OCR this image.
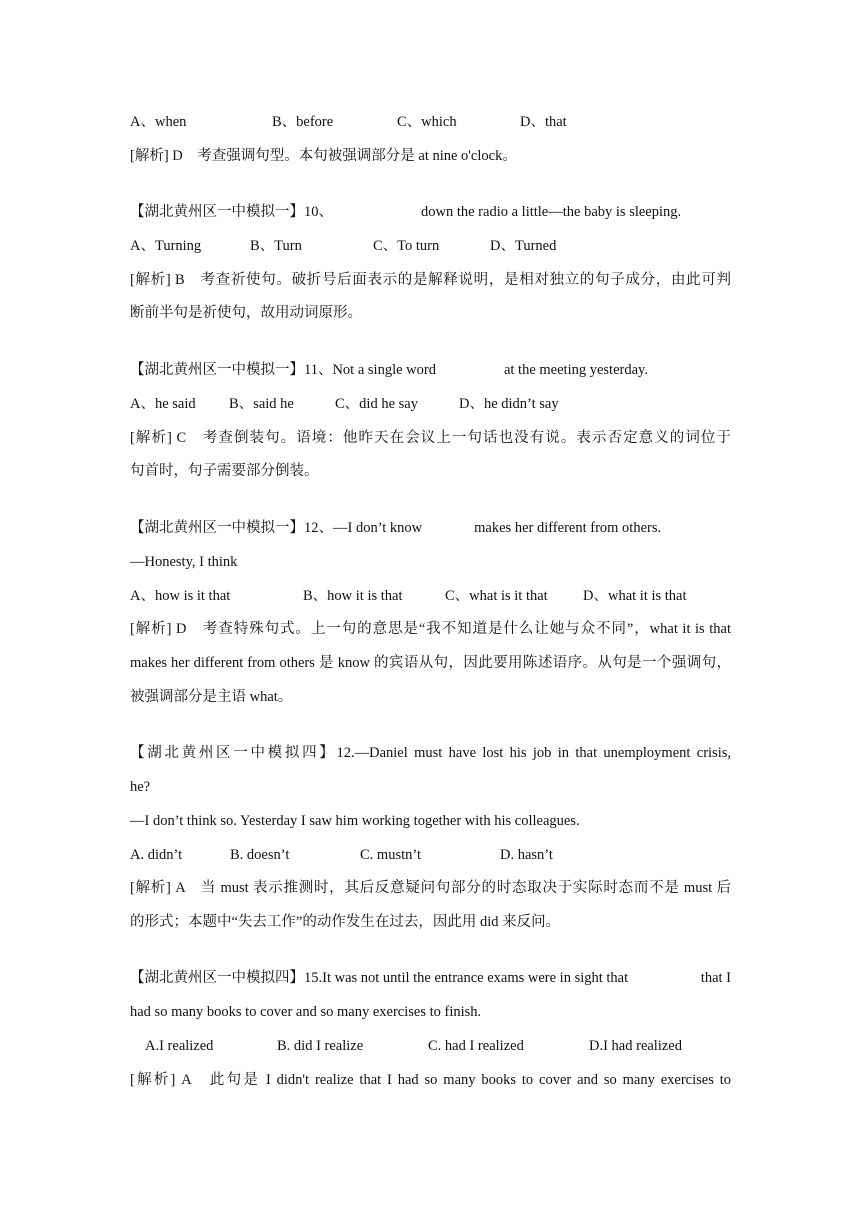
A、when	B、before	C、which	D、that
[解析] D　考查强调句型。本句被强调部分是 at nine o'clock。
【湖北黄州区一中模拟一】10、	down the radio a little—the baby is sleeping.
A、Turning	B、Turn	C、To turn	D、Turned
[解析] B　考查祈使句。破折号后面表示的是解释说明，是相对独立的句子成分，由此可判
断前半句是祈使句，故用动词原形。
【湖北黄州区一中模拟一】11、Not a single word	at the meeting yesterday.
A、he said B、said he	C、did he say	D、he didn’t say
[解析] C　考查倒装句。语境：他昨天在会议上一句话也没有说。表示否定意义的词位于
句首时，句子需要部分倒装。
【湖北黄州区一中模拟一】12、—I don’t know	makes her different from others.
—Honesty, I think
A、how is it that	B、how it is that	C、what is it that D、what it is that
[解析] D　考查特殊句式。上一句的意思是“我不知道是什么让她与众不同”，what it is that
makes her different from others 是 know 的宾语从句，因此要用陈述语序。从句是一个强调句，
被强调部分是主语 what。
【湖北黄州区一中模拟四】12.—Daniel must have lost his job in that unemployment crisis,
he?
—I don’t think so. Yesterday I saw him working together with his colleagues.
A. didn’t	B. doesn’t	C. mustn’t	D. hasn’t
[解析] A　当 must 表示推测时，其后反意疑问句部分的时态取决于实际时态而不是 must 后
的形式；本题中“失去工作”的动作发生在过去，因此用 did 来反问。
【湖北黄州区一中模拟四】15.It was not until the entrance exams were in sight that	that I
had so many books to cover and so many exercises to finish.
A.I realized	B. did I realize	C. had I realized	D.I had realized
[解析] A　此句是 I didn't realize that I had so many books to cover and so many exercises to
